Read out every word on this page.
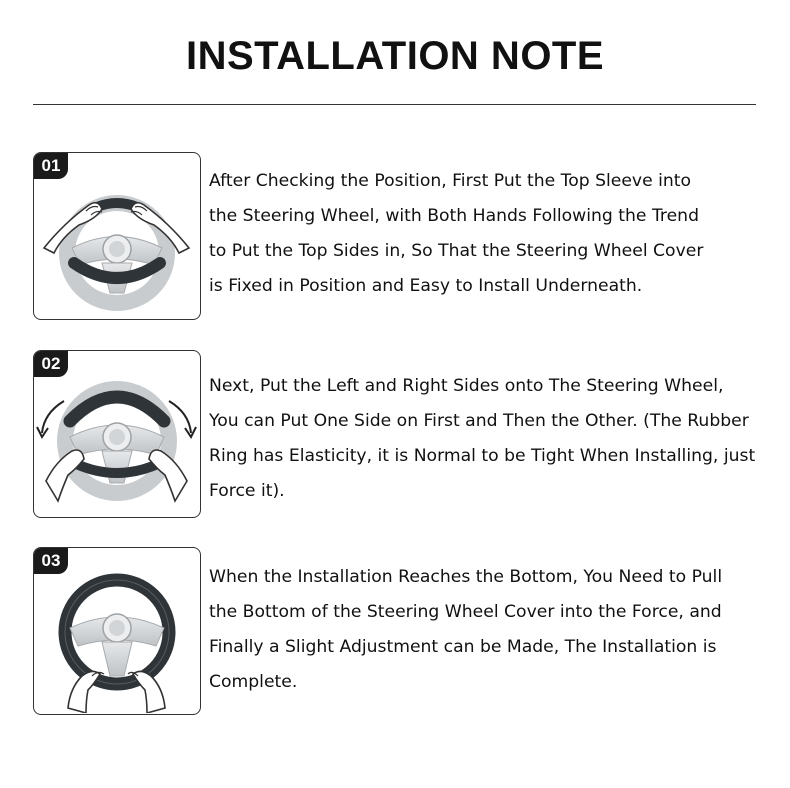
INSTALLATION NOTE
01
After Checking the Position, First Put the Top Sleeve into
the Steering Wheel, with Both Hands Following the Trend
to Put the Top Sides in, So That the Steering Wheel Cover
is Fixed in Position and Easy to Install Underneath.
02
Next, Put the Left and Right Sides onto The Steering Wheel,
You can Put One Side on First and Then the Other. (The Rubber
Ring has Elasticity, it is Normal to be Tight When Installing, just
Force it).
03
When the Installation Reaches the Bottom, You Need to Pull
the Bottom of the Steering Wheel Cover into the Force, and
Finally a Slight Adjustment can be Made, The Installation is
Complete.
